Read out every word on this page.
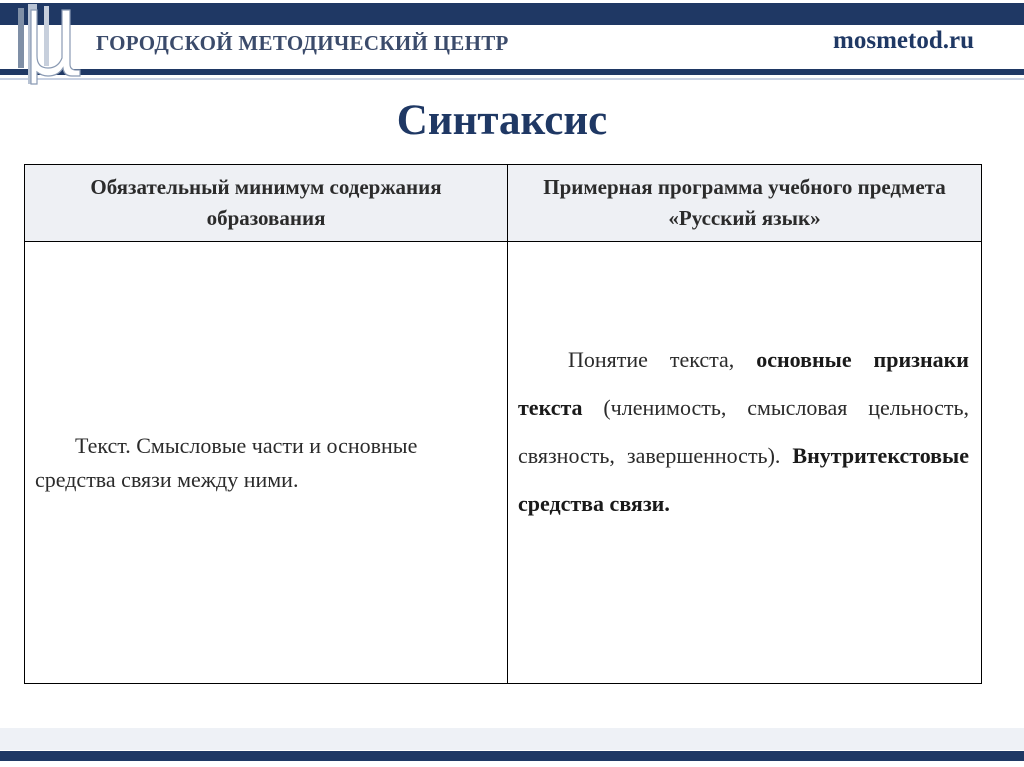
ГОРОДСКОЙ МЕТОДИЧЕСКИЙ ЦЕНТР	mosmetod.ru
Синтаксис
Обязательный минимум содержания образования	Примерная программа учебного предмета «Русский язык»

Текст. Смысловые части и основные средства связи между ними.	Понятие текста, основные признаки текста (членимость, смысловая цельность, связность, завершенность). Внутритекстовые средства связи.
